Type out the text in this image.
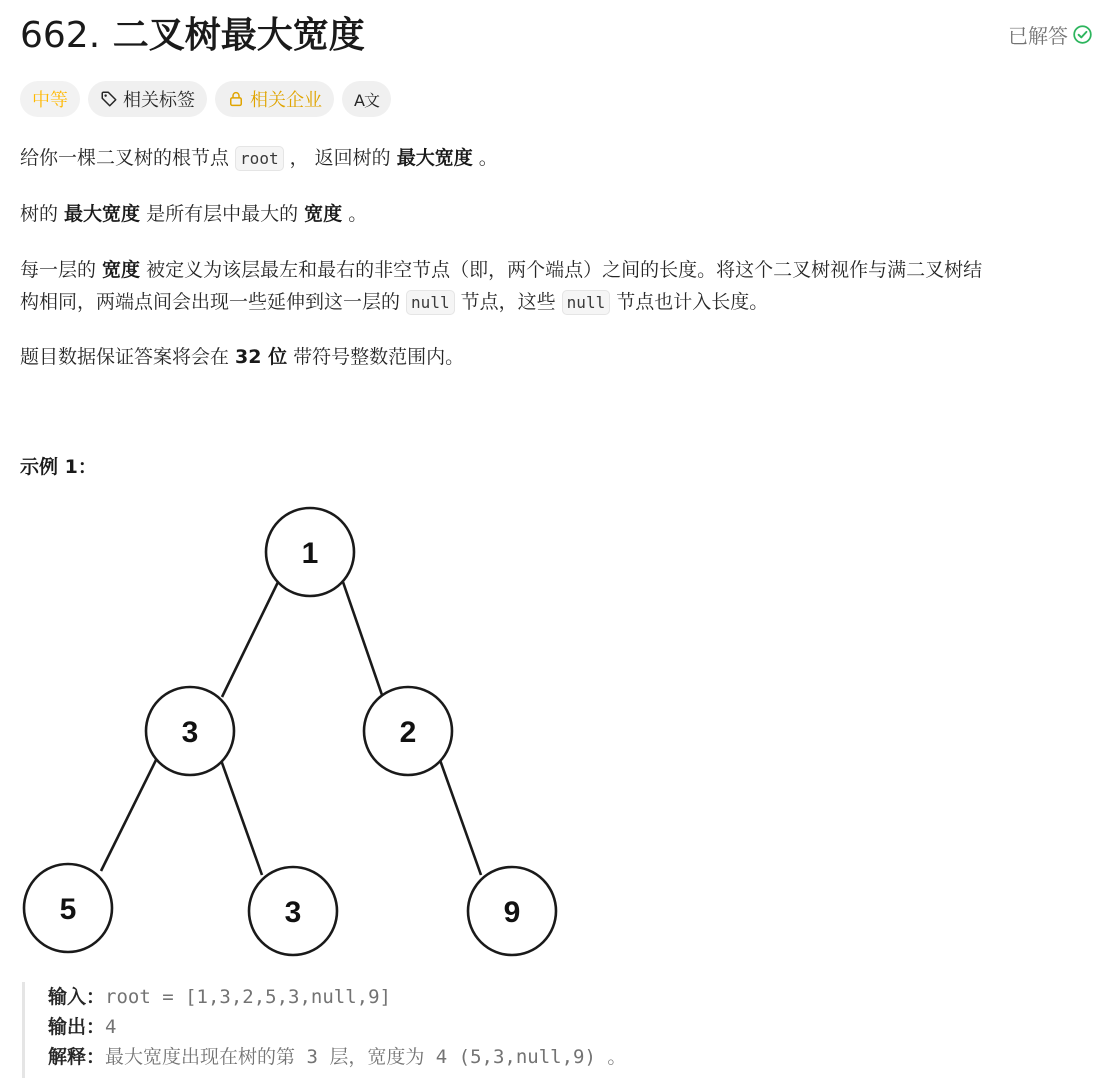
662. 二叉树最大宽度	已解答
中等	相关标签	相关企业 A文
给你一棵二叉树的根节点 root ， 返回树的 最大宽度 。
树的 最大宽度 是所有层中最大的 宽度 。
每一层的 宽度 被定义为该层最左和最右的非空节点（即，两个端点）之间的长度。将这个二叉树视作与满二叉树结
构相同，两端点间会出现一些延伸到这一层的 null 节点，这些 null 节点也计入长度。
题目数据保证答案将会在 32 位 带符号整数范围内。
示例 1：
1
3	2
5	3	9
输入：root = [1,3,2,5,3,null,9]
输出：4
解释：最大宽度出现在树的第 3 层，宽度为 4 (5,3,null,9) 。
